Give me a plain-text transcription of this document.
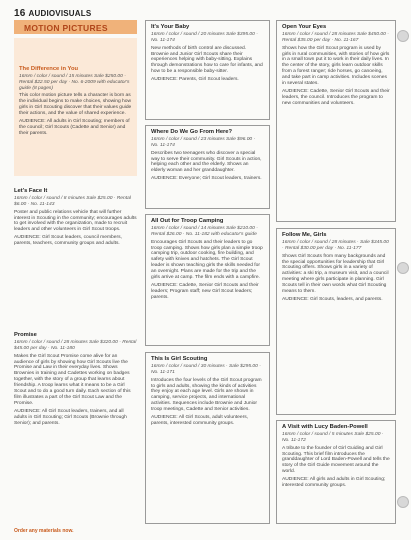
16 AUDIOVISUALS
MOTION PICTURES
The Difference in You
16mm / color / sound / 15 minutes Sale $250.00 · Rental $22.50 per day · No. 6-2009 with educator's guide (8 pages)
This color motion picture tells a character is born as the individual begins to make choices, showing how girls in Girl Scouting discover that their values guide their actions, and the value of shared experience.
AUDIENCE: All adults in Girl Scouting; members of the council; Girl Scouts (Cadette and Senior) and their parents.
Let's Face It
16mm / color / sound / 8 minutes Sale $25.00 · Rental $6.00 · No. 11-143
Poster and public relations vehicle that will further interest in Scouting in the community; encourages adults to get involved with the organization, made to recruit leaders and other volunteers in Girl Scout troops.
AUDIENCE: Girl Scout leaders, council members, parents, teachers, community groups and adults.
Promise
16mm / color / sound / 28 minutes Sale $320.00 · Rental $45.00 per day · No. 11-180
Makes the Girl Scout Promise come alive for an audience of girls by showing how Girl Scouts live the Promise and Law in their everyday lives. Shows Brownies in training and Cadettes working on badges together, with the story of a group that learns about friendship. A troop learns what it means to be a Girl Scout and to do a good turn daily. Each section of this film illustrates a part of the Girl Scout Law and the Promise.
AUDIENCE: All Girl Scout leaders, trainers, and all adults in Girl Scouting; Girl Scouts (Brownie through Senior); and parents.
It's Your Baby
16mm / color / sound / 20 minutes Sale $395.00 · No. 11-174
New methods of birth control are discussed. Brownie and Junior Girl Scouts share their experiences helping with baby-sitting. Explains through demonstrations how to care for infants, and how to be a responsible baby-sitter.
AUDIENCE: Parents, Girl Scout leaders.
Where Do We Go From Here?
16mm / color / sound / 23 minutes Sale $96.00 · No. 11-174
Describes two teenagers who discover a special way to serve their community. Girl Scouts in action, helping each other and the elderly. Shows an elderly woman and her granddaughter.
AUDIENCE: Everyone; Girl Scout leaders, trainers.
All Out for Troop Camping
16mm / color / sound / 14 minutes Sale $210.00 · Rental $26.00 · No. 11-182 with educator's guide
Encourages Girl Scouts and their leaders to go troop camping. Shows how girls plan a simple troop camping trip, outdoor cooking, fire building, and safety with knives and hatchets. The Girl Scout leader is shown teaching girls the skills needed for an overnight. Plans are made for the trip and the girls arrive at camp. The film ends with a campfire.
AUDIENCE: Cadette, Senior Girl Scouts and their leaders; Program staff; new Girl Scout leaders; parents.
This Is Girl Scouting
16mm / color / sound / 30 minutes · Sale $295.00 · No. 11-171
Introduces the four levels of the Girl Scout program to girls and adults, showing the kinds of activities they enjoy at each age level. Girls are shown in camping, service projects, and international activities. Sequences include Brownie and Junior troop meetings, Cadette and Senior activities.
AUDIENCE: All Girl Scouts, adult volunteers, parents, interested community groups.
Open Your Eyes
16mm / color / sound / 28 minutes Sale $450.00 · Rental $35.00 per day · No. 11-167
Shows how the Girl Scout program is used by girls in rural communities, with stories of how girls in a small town put it to work in their daily lives. In the center of the story, girls learn outdoor skills from a forest ranger; ride horses, go canoeing, and take part in camp activities. Includes scenes in several states.
AUDIENCE: Cadette, Senior Girl Scouts and their leaders, the council. Introduces the program to new communities and volunteers.
Follow Me, Girls
16mm / color / sound / 28 minutes · Sale $345.00 · Rental $30.00 per day · No. 11-177
Shows Girl Scouts from many backgrounds and the special opportunities for leadership that Girl Scouting offers. Shows girls in a variety of activities: a ski trip, a museum visit, and a council meeting where girls participate in planning. Girl Scouts tell in their own words what Girl Scouting means to them.
AUDIENCE: Girl Scouts, leaders, and parents.
A Visit with Lucy Baden-Powell
16mm / color / sound / 5 minutes Sale $25.00 · No. 11-172
A tribute to the founder of Girl Guiding and Girl Scouting. This brief film introduces the granddaughter of Lord Baden-Powell and tells the story of the Girl Guide movement around the world.
AUDIENCE: All girls and adults in Girl Scouting; interested community groups.
Order any materials now.
